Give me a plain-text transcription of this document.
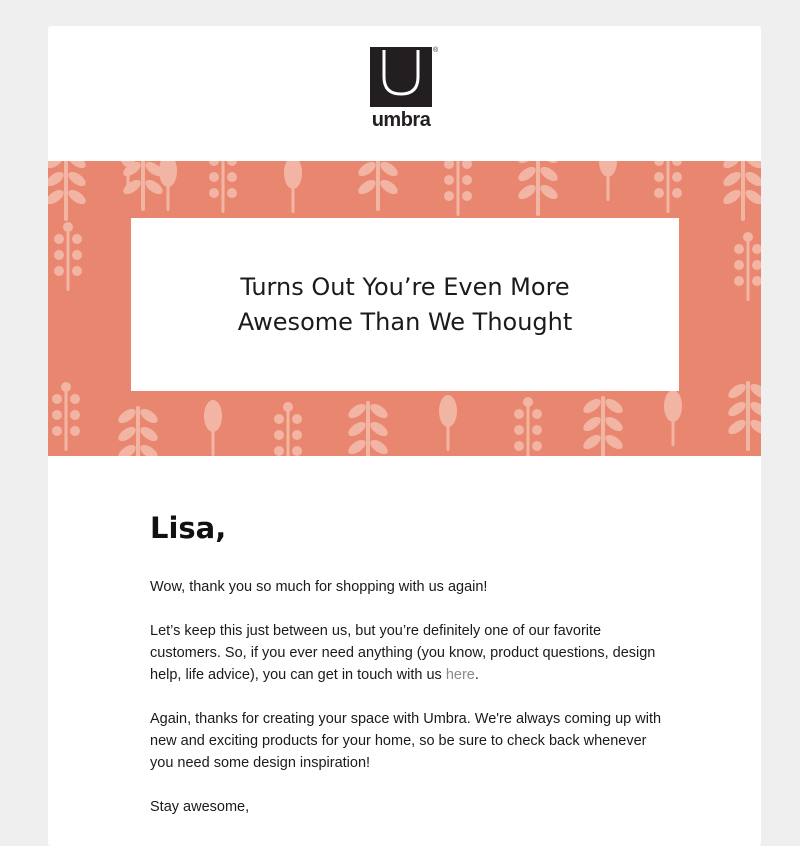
umbra
®
Turns Out You’re Even More Awesome Than We Thought
Lisa,

Wow, thank you so much for shopping with us again!

Let’s keep this just between us, but you’re definitely one of our favorite customers. So, if you ever need anything (you know, product questions, design help, life advice), you can get in touch with us here.

Again, thanks for creating your space with Umbra. We're always coming up with new and exciting products for your home, so be sure to check back whenever you need some design inspiration!

Stay awesome,
